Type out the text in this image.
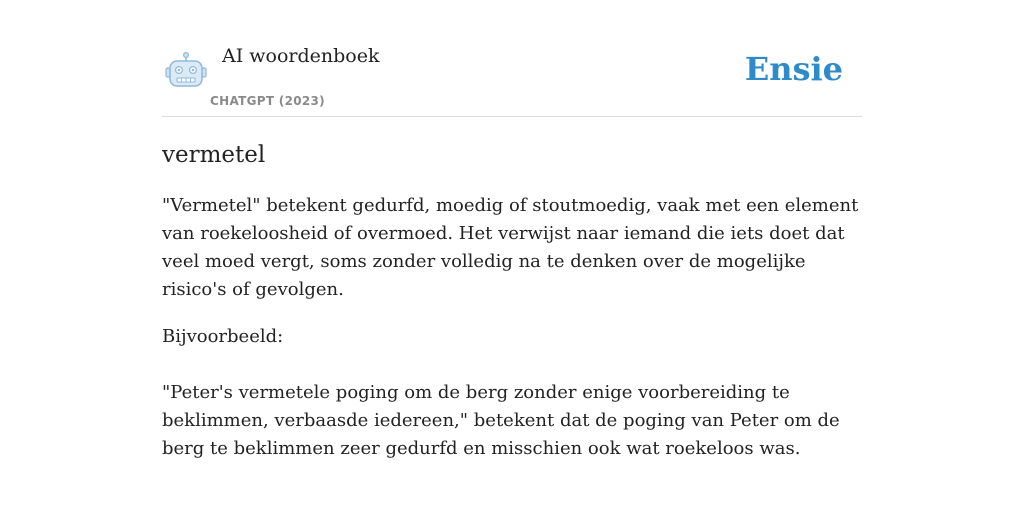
AI woordenboek
CHATGPT (2023)
Ensie
vermetel

"Vermetel" betekent gedurfd, moedig of stoutmoedig, vaak met een element van roekeloosheid of overmoed. Het verwijst naar iemand die iets doet dat veel moed vergt, soms zonder volledig na te denken over de mogelijke risico's of gevolgen.

Bijvoorbeeld:

"Peter's vermetele poging om de berg zonder enige voorbereiding te beklimmen, verbaasde iedereen," betekent dat de poging van Peter om de berg te beklimmen zeer gedurfd en misschien ook wat roekeloos was.
